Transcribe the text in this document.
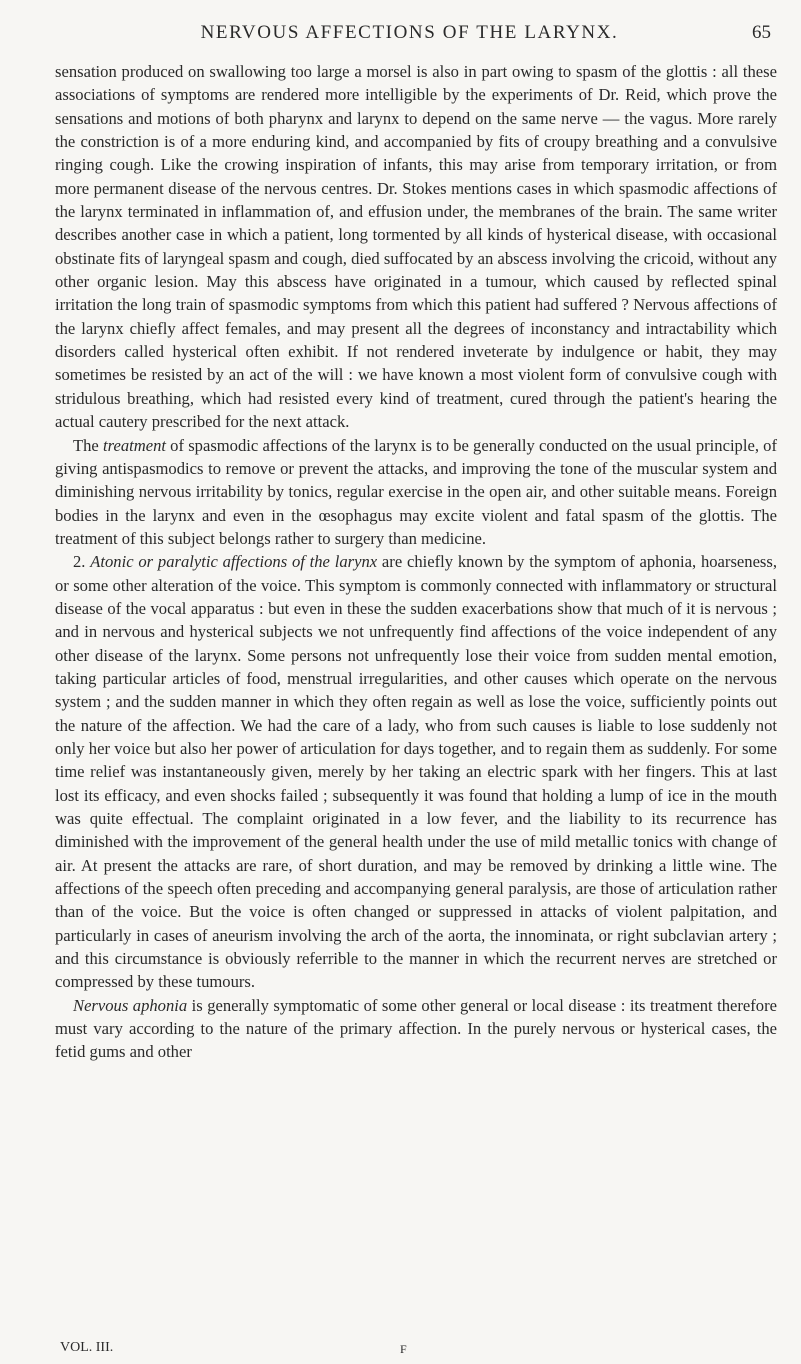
NERVOUS AFFECTIONS OF THE LARYNX.	65

sensation produced on swallowing too large a morsel is also in part owing to spasm of the glottis : all these associations of symptoms are rendered more intelligible by the experiments of Dr. Reid, which prove the sensations and motions of both pharynx and larynx to depend on the same nerve — the vagus. More rarely the constriction is of a more enduring kind, and accompanied by fits of croupy breathing and a convulsive ringing cough. Like the crowing inspiration of infants, this may arise from temporary irritation, or from more permanent disease of the nervous centres. Dr. Stokes mentions cases in which spasmodic affections of the larynx terminated in inflammation of, and effusion under, the membranes of the brain. The same writer describes another case in which a patient, long tormented by all kinds of hysterical disease, with occasional obstinate fits of laryngeal spasm and cough, died suffocated by an abscess involving the cricoid, without any other organic lesion. May this abscess have originated in a tumour, which caused by reflected spinal irritation the long train of spasmodic symptoms from which this patient had suffered ? Nervous affections of the larynx chiefly affect females, and may present all the degrees of inconstancy and intractability which disorders called hysterical often exhibit. If not rendered inveterate by indulgence or habit, they may sometimes be resisted by an act of the will : we have known a most violent form of convulsive cough with stridulous breathing, which had resisted every kind of treatment, cured through the patient's hearing the actual cautery prescribed for the next attack.

The treatment of spasmodic affections of the larynx is to be generally conducted on the usual principle, of giving antispasmodics to remove or prevent the attacks, and improving the tone of the muscular system and diminishing nervous irritability by tonics, regular exercise in the open air, and other suitable means. Foreign bodies in the larynx and even in the œsophagus may excite violent and fatal spasm of the glottis. The treatment of this subject belongs rather to surgery than medicine.

2. Atonic or paralytic affections of the larynx are chiefly known by the symptom of aphonia, hoarseness, or some other alteration of the voice. This symptom is commonly connected with inflammatory or structural disease of the vocal apparatus : but even in these the sudden exacerbations show that much of it is nervous ; and in nervous and hysterical subjects we not unfrequently find affections of the voice independent of any other disease of the larynx. Some persons not unfrequently lose their voice from sudden mental emotion, taking particular articles of food, menstrual irregularities, and other causes which operate on the nervous system ; and the sudden manner in which they often regain as well as lose the voice, sufficiently points out the nature of the affection. We had the care of a lady, who from such causes is liable to lose suddenly not only her voice but also her power of articulation for days together, and to regain them as suddenly. For some time relief was instantaneously given, merely by her taking an electric spark with her fingers. This at last lost its efficacy, and even shocks failed ; subsequently it was found that holding a lump of ice in the mouth was quite effectual. The complaint originated in a low fever, and the liability to its recurrence has diminished with the improvement of the general health under the use of mild metallic tonics with change of air. At present the attacks are rare, of short duration, and may be removed by drinking a little wine. The affections of the speech often preceding and accompanying general paralysis, are those of articulation rather than of the voice. But the voice is often changed or suppressed in attacks of violent palpitation, and particularly in cases of aneurism involving the arch of the aorta, the innominata, or right subclavian artery ; and this circumstance is obviously referrible to the manner in which the recurrent nerves are stretched or compressed by these tumours.

Nervous aphonia is generally symptomatic of some other general or local disease : its treatment therefore must vary according to the nature of the primary affection. In the purely nervous or hysterical cases, the fetid gums and other

VOL. III.	F
